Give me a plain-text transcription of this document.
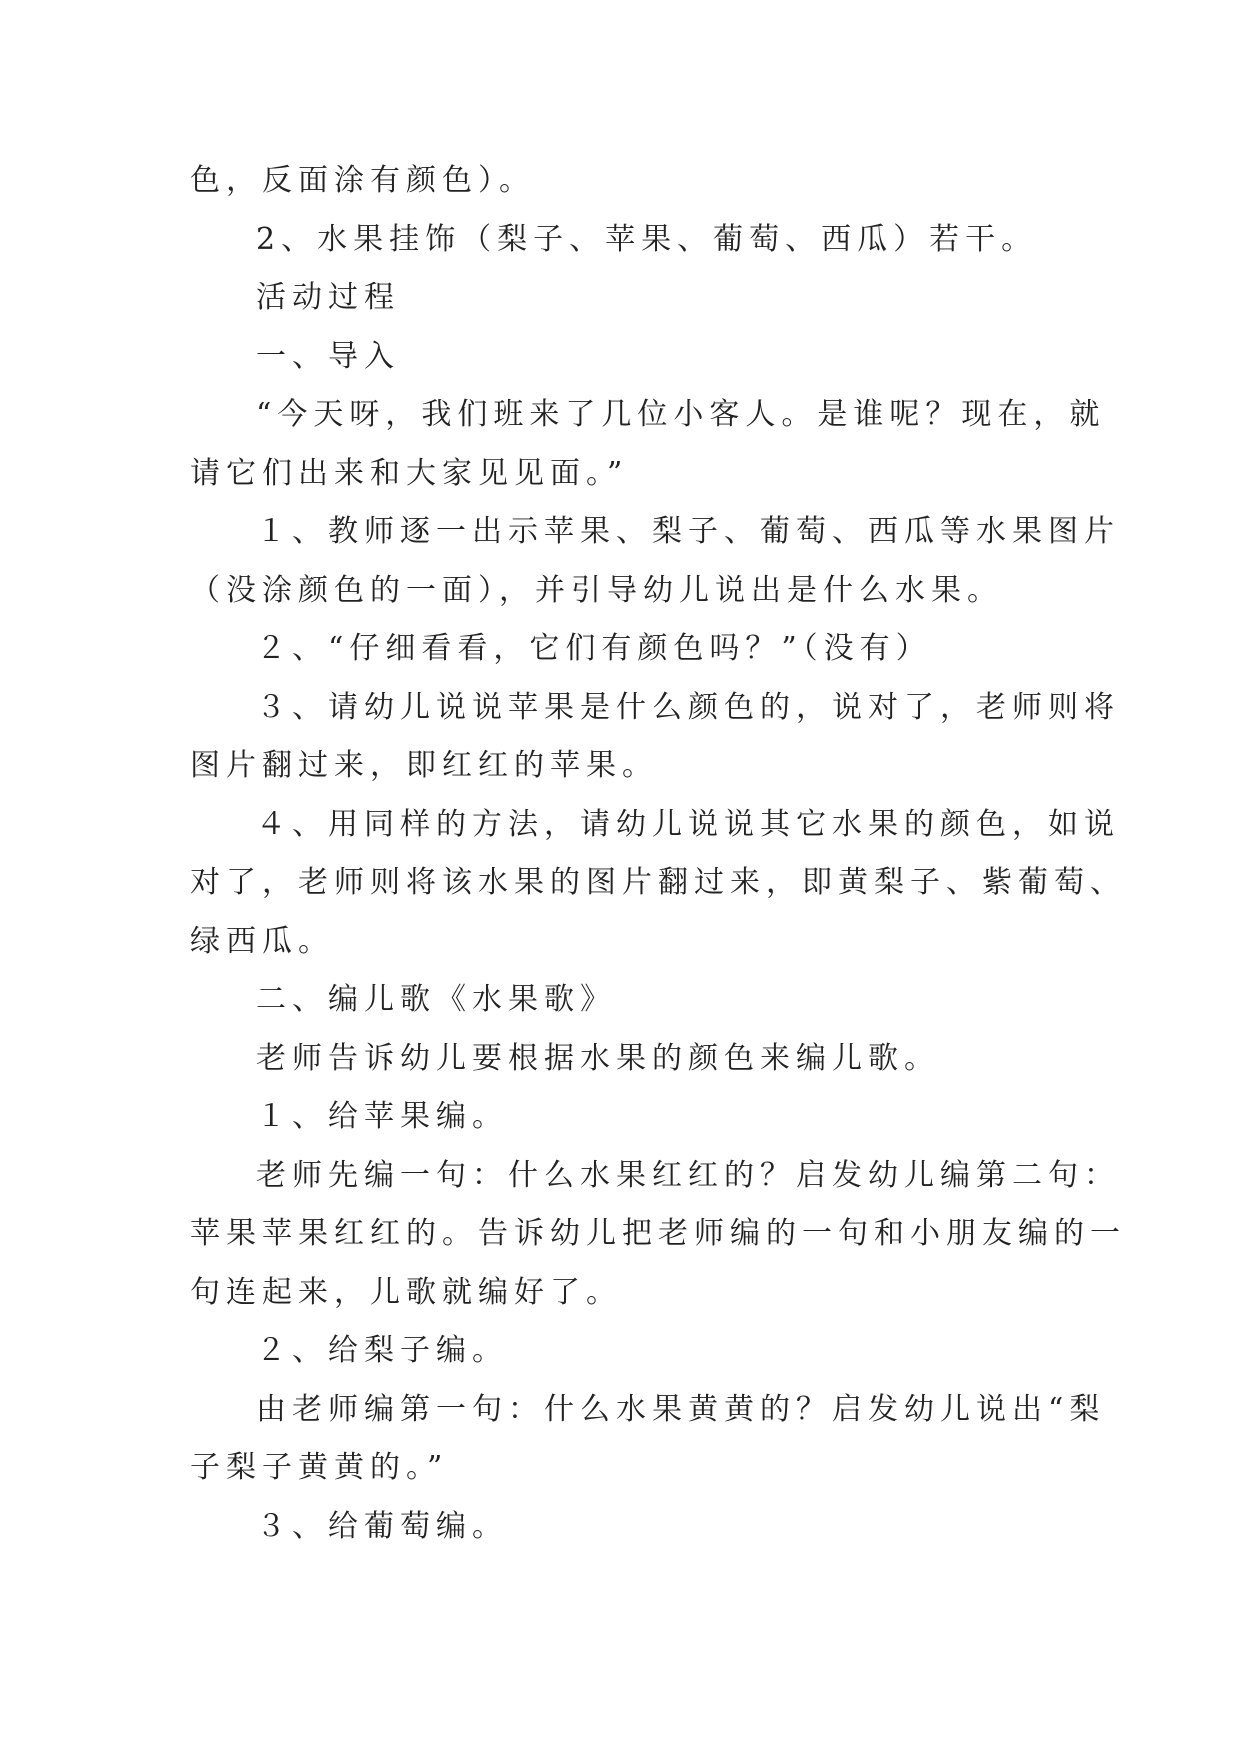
色，反面涂有颜色）。
2、水果挂饰（梨子、苹果、葡萄、西瓜）若干。
活动过程
一、导入
“今天呀，我们班来了几位小客人。是谁呢？现在，就
请它们出来和大家见见面。”
１、教师逐一出示苹果、梨子、葡萄、西瓜等水果图片
（没涂颜色的一面），并引导幼儿说出是什么水果。
２、“仔细看看，它们有颜色吗？”（没有）
３、请幼儿说说苹果是什么颜色的，说对了，老师则将
图片翻过来，即红红的苹果。
４、用同样的方法，请幼儿说说其它水果的颜色，如说
对了，老师则将该水果的图片翻过来，即黄梨子、紫葡萄、
绿西瓜。
二、编儿歌《水果歌》
老师告诉幼儿要根据水果的颜色来编儿歌。
１、给苹果编。
老师先编一句：什么水果红红的？启发幼儿编第二句：
苹果苹果红红的。告诉幼儿把老师编的一句和小朋友编的一
句连起来，儿歌就编好了。
２、给梨子编。
由老师编第一句：什么水果黄黄的？启发幼儿说出“梨
子梨子黄黄的。”
３、给葡萄编。
